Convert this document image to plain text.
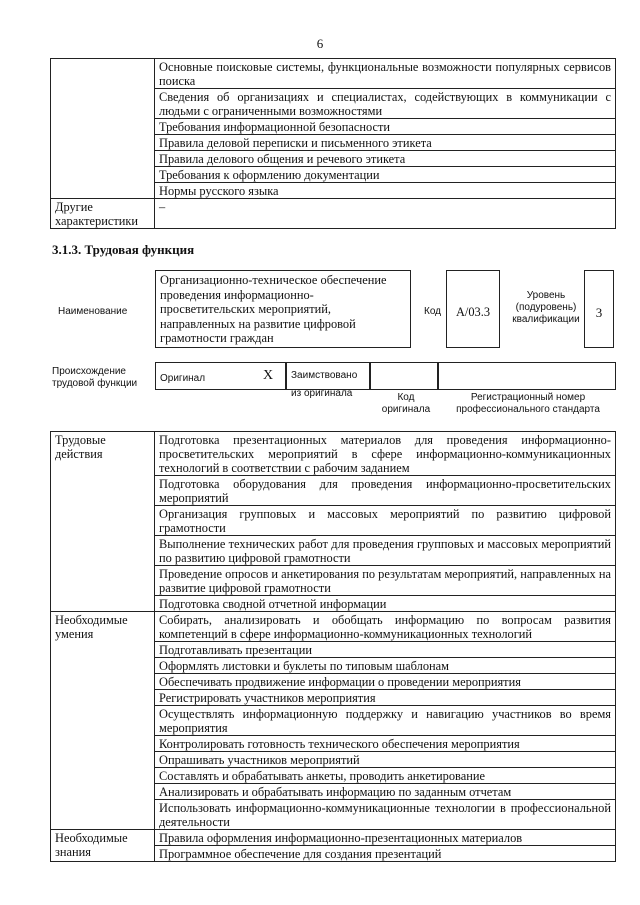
6
	Основные поисковые системы, функциональные возможности популярных сервисов поиска
	Сведения об организациях и специалистах, содействующих в коммуникации с людьми с ограниченными возможностями
	Требования информационной безопасности
	Правила деловой переписки и письменного этикета
	Правила делового общения и речевого этикета
	Требования к оформлению документации
	Нормы русского языка
Другие характеристики	–
3.1.3. Трудовая функция
Наименование
Организационно-техническое обеспечение проведения информационно-просветительских мероприятий, направленных на развитие цифровой грамотности граждан
Код	А/03.3
Уровень (подуровень) квалификации	3
Происхождение трудовой функции	Оригинал	X	Заимствовано из оригинала	Код оригинала
Регистрационный номер профессионального стандарта
Трудовые действия	Подготовка презентационных материалов для проведения информационно-просветительских мероприятий в сфере информационно-коммуникационных технологий в соответствии с рабочим заданием
	Подготовка оборудования для проведения информационно-просветительских мероприятий
	Организация групповых и массовых мероприятий по развитию цифровой грамотности
	Выполнение технических работ для проведения групповых и массовых мероприятий по развитию цифровой грамотности
	Проведение опросов и анкетирования по результатам мероприятий, направленных на развитие цифровой грамотности
	Подготовка сводной отчетной информации
Необходимые умения	Собирать, анализировать и обобщать информацию по вопросам развития компетенций в сфере информационно-коммуникационных технологий
	Подготавливать презентации
	Оформлять листовки и буклеты по типовым шаблонам
	Обеспечивать продвижение информации о проведении мероприятия
	Регистрировать участников мероприятия
	Осуществлять информационную поддержку и навигацию участников во время мероприятия
	Контролировать готовность технического обеспечения мероприятия
	Опрашивать участников мероприятий
	Составлять и обрабатывать анкеты, проводить анкетирование
	Анализировать и обрабатывать информацию по заданным отчетам
	Использовать информационно-коммуникационные технологии в профессиональной деятельности
Необходимые знания	Правила оформления информационно-презентационных материалов
	Программное обеспечение для создания презентаций
